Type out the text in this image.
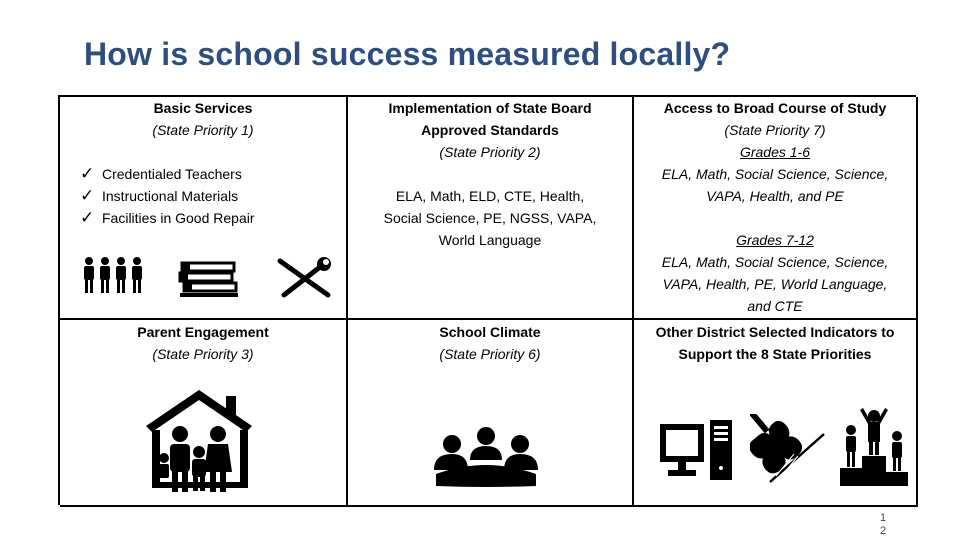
How is school success measured locally?
Basic Services
(State Priority 1)
✓ Credentialed Teachers
✓ Instructional Materials
✓ Facilities in Good Repair
Implementation of State Board
Approved Standards
(State Priority 2)
ELA, Math, ELD, CTE, Health,
Social Science, PE, NGSS, VAPA,
World Language
Access to Broad Course of Study
(State Priority 7)
Grades 1-6
ELA, Math, Social Science, Science,
VAPA, Health, and PE
Grades 7-12
ELA, Math, Social Science, Science,
VAPA, Health, PE, World Language,
and CTE
Parent Engagement
(State Priority 3)
School Climate
(State Priority 6)
Other District Selected Indicators to
Support the 8 State Priorities
1
2
